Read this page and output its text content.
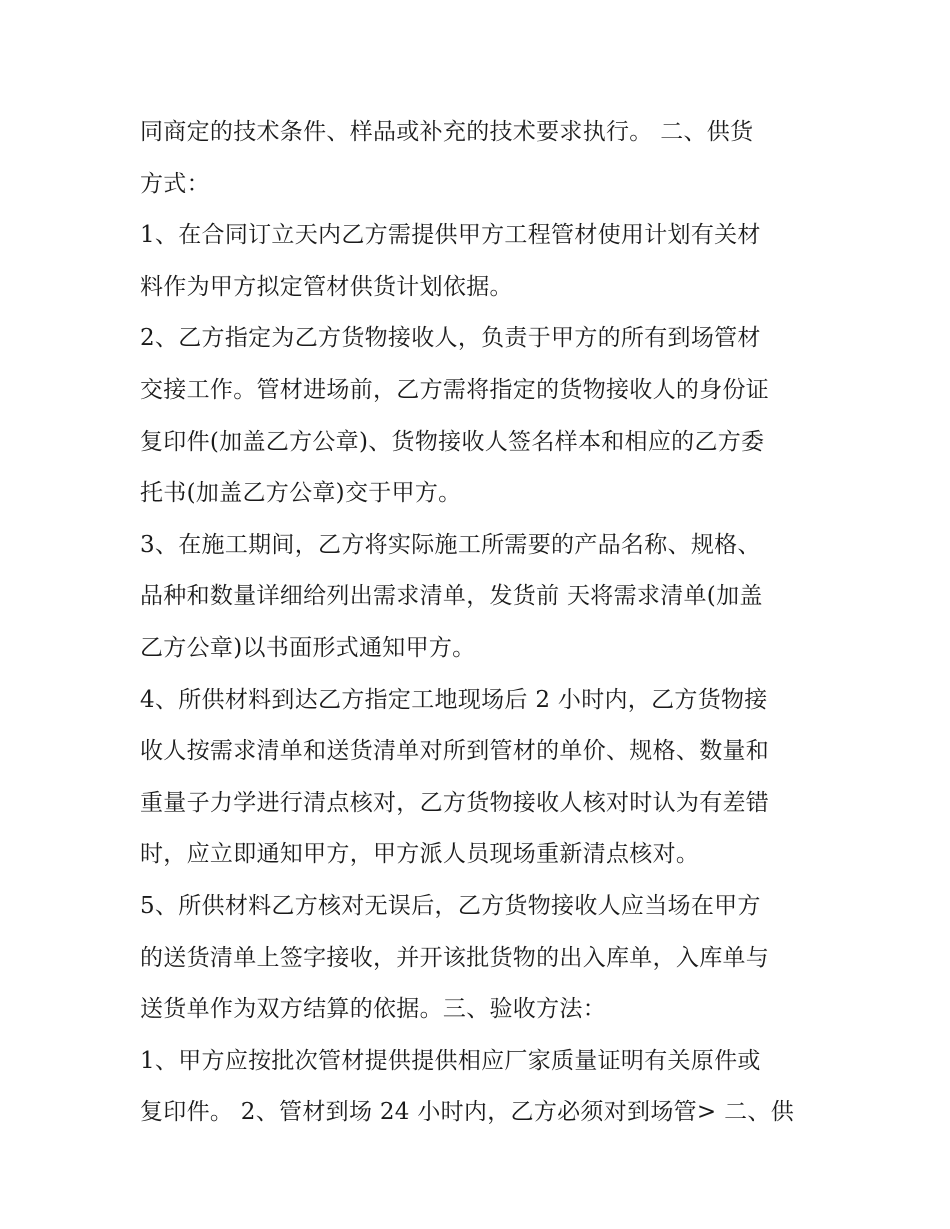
同商定的技术条件、样品或补充的技术要求执行。 二、供货
方式：
1、在合同订立天内乙方需提供甲方工程管材使用计划有关材
料作为甲方拟定管材供货计划依据。
2、乙方指定为乙方货物接收人，负责于甲方的所有到场管材
交接工作。管材进场前，乙方需将指定的货物接收人的身份证
复印件(加盖乙方公章)、货物接收人签名样本和相应的乙方委
托书(加盖乙方公章)交于甲方。
3、在施工期间，乙方将实际施工所需要的产品名称、规格、
品种和数量详细给列出需求清单，发货前 天将需求清单(加盖
乙方公章)以书面形式通知甲方。
4、所供材料到达乙方指定工地现场后 2 小时内，乙方货物接
收人按需求清单和送货清单对所到管材的单价、规格、数量和
重量子力学进行清点核对，乙方货物接收人核对时认为有差错
时，应立即通知甲方，甲方派人员现场重新清点核对。
5、所供材料乙方核对无误后，乙方货物接收人应当场在甲方
的送货清单上签字接收，并开该批货物的出入库单，入库单与
送货单作为双方结算的依据。三、验收方法：
1、甲方应按批次管材提供提供相应厂家质量证明有关原件或
复印件。 2、管材到场 24 小时内，乙方必须对到场管> 二、供
